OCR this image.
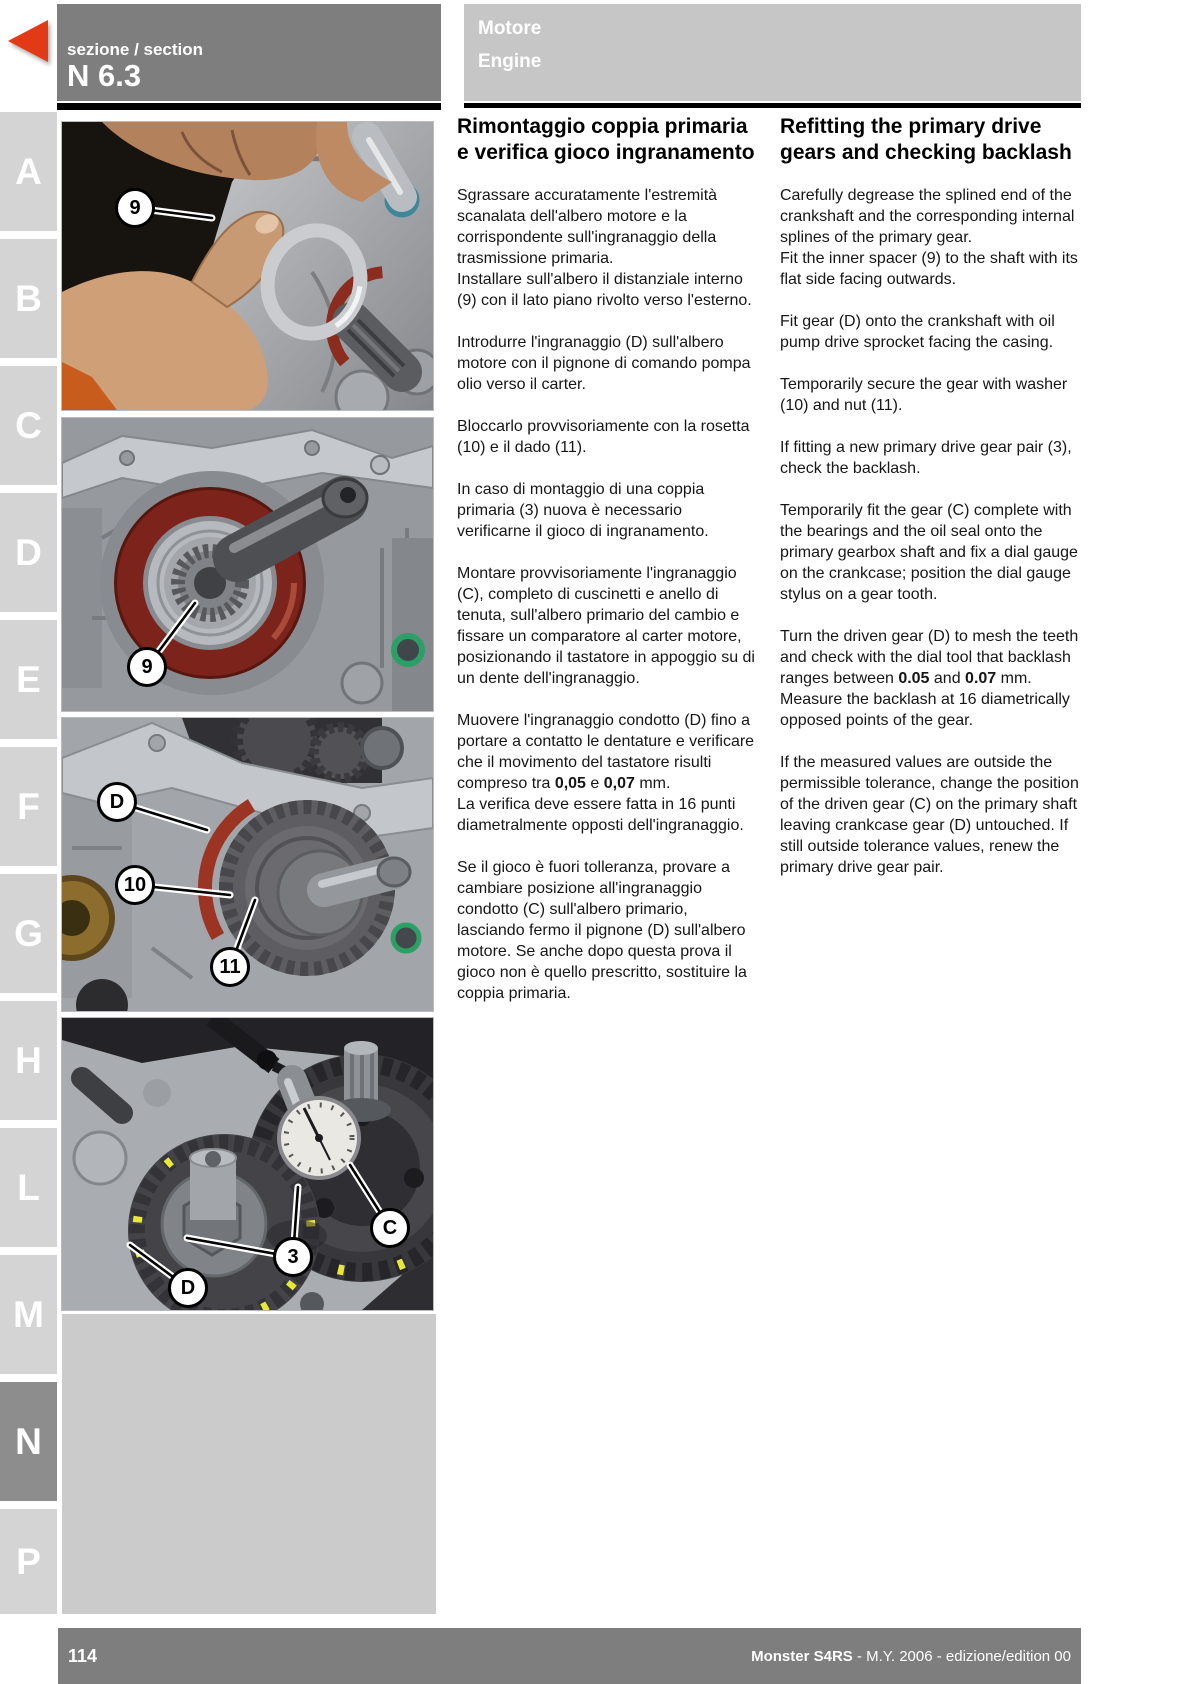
sezione / section
N 6.3
Motore
Engine
A
B
C
D
E
F
G
H
L
M
N
P
9
9
D
10
11
C
3
D
Rimontaggio coppia primaria e verifica gioco ingranamento

Sgrassare accuratamente l'estremità scanalata dell'albero motore e la corrispondente sull'ingranaggio della trasmissione primaria.
Installare sull'albero il distanziale interno (9) con il lato piano rivolto verso l'esterno.

Introdurre l'ingranaggio (D) sull'albero motore con il pignone di comando pompa olio verso il carter.

Bloccarlo provvisoriamente con la rosetta (10) e il dado (11).

In caso di montaggio di una coppia primaria (3) nuova è necessario verificarne il gioco di ingranamento.

Montare provvisoriamente l'ingranaggio (C), completo di cuscinetti e anello di tenuta, sull'albero primario del cambio e fissare un comparatore al carter motore, posizionando il tastatore in appoggio su di un dente dell'ingranaggio.

Muovere l'ingranaggio condotto (D) fino a portare a contatto le dentature e verificare che il movimento del tastatore risulti compreso tra 0,05 e 0,07 mm.
La verifica deve essere fatta in 16 punti diametralmente opposti dell'ingranaggio.

Se il gioco è fuori tolleranza, provare a cambiare posizione all'ingranaggio condotto (C) sull'albero primario, lasciando fermo il pignone (D) sull'albero motore. Se anche dopo questa prova il gioco non è quello prescritto, sostituire la coppia primaria.

Refitting the primary drive gears and checking backlash

Carefully degrease the splined end of the crankshaft and the corresponding internal splines of the primary gear.
Fit the inner spacer (9) to the shaft with its flat side facing outwards.

Fit gear (D) onto the crankshaft with oil pump drive sprocket facing the casing.

Temporarily secure the gear with washer (10) and nut (11).

If fitting a new primary drive gear pair (3), check the backlash.

Temporarily fit the gear (C) complete with the bearings and the oil seal onto the primary gearbox shaft and fix a dial gauge on the crankcase; position the dial gauge stylus on a gear tooth.

Turn the driven gear (D) to mesh the teeth and check with the dial tool that backlash ranges between 0.05 and 0.07 mm.
Measure the backlash at 16 diametrically opposed points of the gear.

If the measured values are outside the permissible tolerance, change the position of the driven gear (C) on the primary shaft leaving crankcase gear (D) untouched. If still outside tolerance values, renew the primary drive gear pair.

114	Monster S4RS - M.Y. 2006 - edizione/edition 00
